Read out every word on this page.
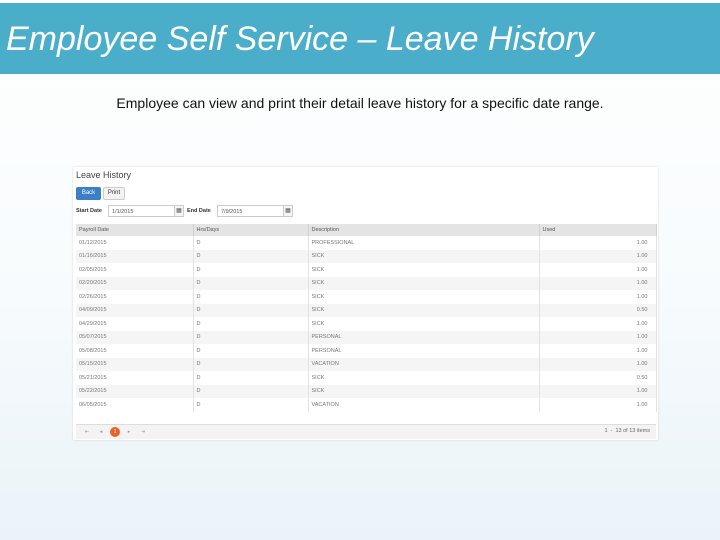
Employee Self Service – Leave History
Employee can view and print their detail leave history for a specific date range.
Leave History
Back	Print
Start Date	1/1/2015	▦ End Date	7/9/2015	▦
Payroll Date	Hrs/Days	Description	Used
01/12/2015	D	PROFESSIONAL	1.00
01/16/2015	D	SICK	1.00
02/05/2015	D	SICK	1.00
02/20/2015	D	SICK	1.00
02/26/2015	D	SICK	1.00
04/09/2015	D	SICK	0.50
04/29/2015	D	SICK	1.00
05/07/2015	D	PERSONAL	1.00
05/08/2015	D	PERSONAL	1.00
05/15/2015	D	VACATION	1.00
05/21/2015	D	SICK	0.50
05/22/2015	D	SICK	1.00
06/05/2015	D	VACATION	1.00
⇤	◂	1	▸	⇥	1  -  13 of 13 items
